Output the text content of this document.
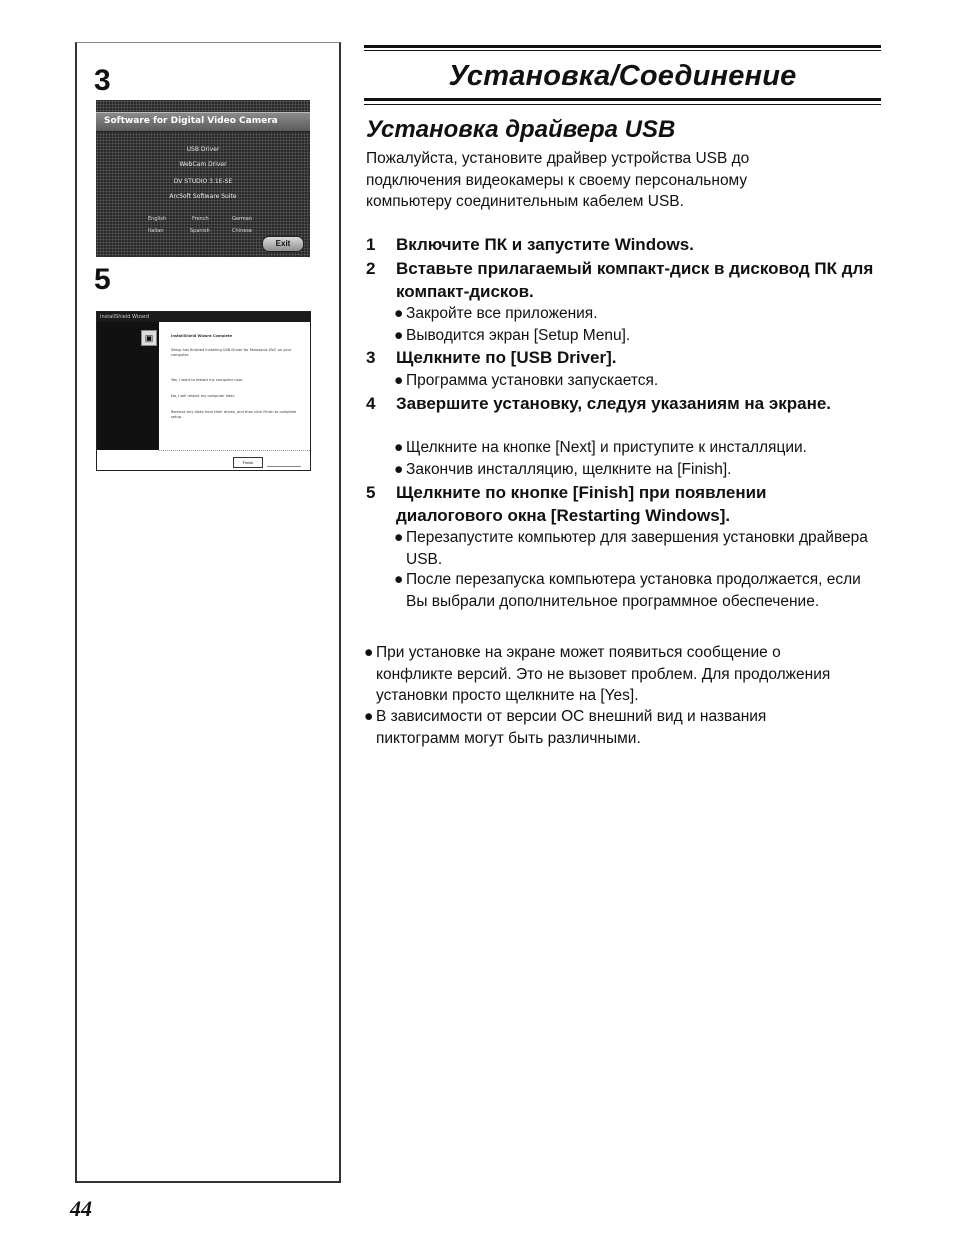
3
Software for Digital Video Camera
USB Driver
WebCam Driver
DV STUDIO 3.1E-SE
ArcSoft Software Suite
English	French	German
Italian	Spanish	Chinese
Exit
5
InstallShield Wizard
▣	InstallShield Wizard Complete
Setup has finished installing USB Driver for Panasonic DVC on your computer.
Yes, I want to restart my computer now.
No, I will restart my computer later.
Remove any disks from their drives, and then click Finish to complete setup.
Finish
Установка/Соединение
Установка драйвера USB
Пожалуйста, установите драйвер устройства USB до подключения видеокамеры к своему персональному компьютеру соединительным кабелем USB.
1 Включите ПК и запустите Windows.
2 Вставьте прилагаемый компакт-диск в дисковод ПК для компакт-дисков.
● Закройте все приложения.
● Выводится экран [Setup Menu].
3 Щелкните по [USB Driver].
● Программа установки запускается.
4 Завершите установку, следуя указаниям на экране.
● Щелкните на кнопке [Next] и приступите к инсталляции.
● Закончив инсталляцию, щелкните на [Finish].
5 Щелкните по кнопке [Finish] при появлении диалогового окна [Restarting Windows].
● Перезапустите компьютер для завершения установки драйвера USB.
● После перезапуска компьютера установка продолжается, если Вы выбрали дополнительное программное обеспечение.
● При установке на экране может появиться сообщение о конфликте версий. Это не вызовет проблем. Для продолжения установки просто щелкните на [Yes].
● В зависимости от версии ОС внешний вид и названия пиктограмм могут быть различными.
44
